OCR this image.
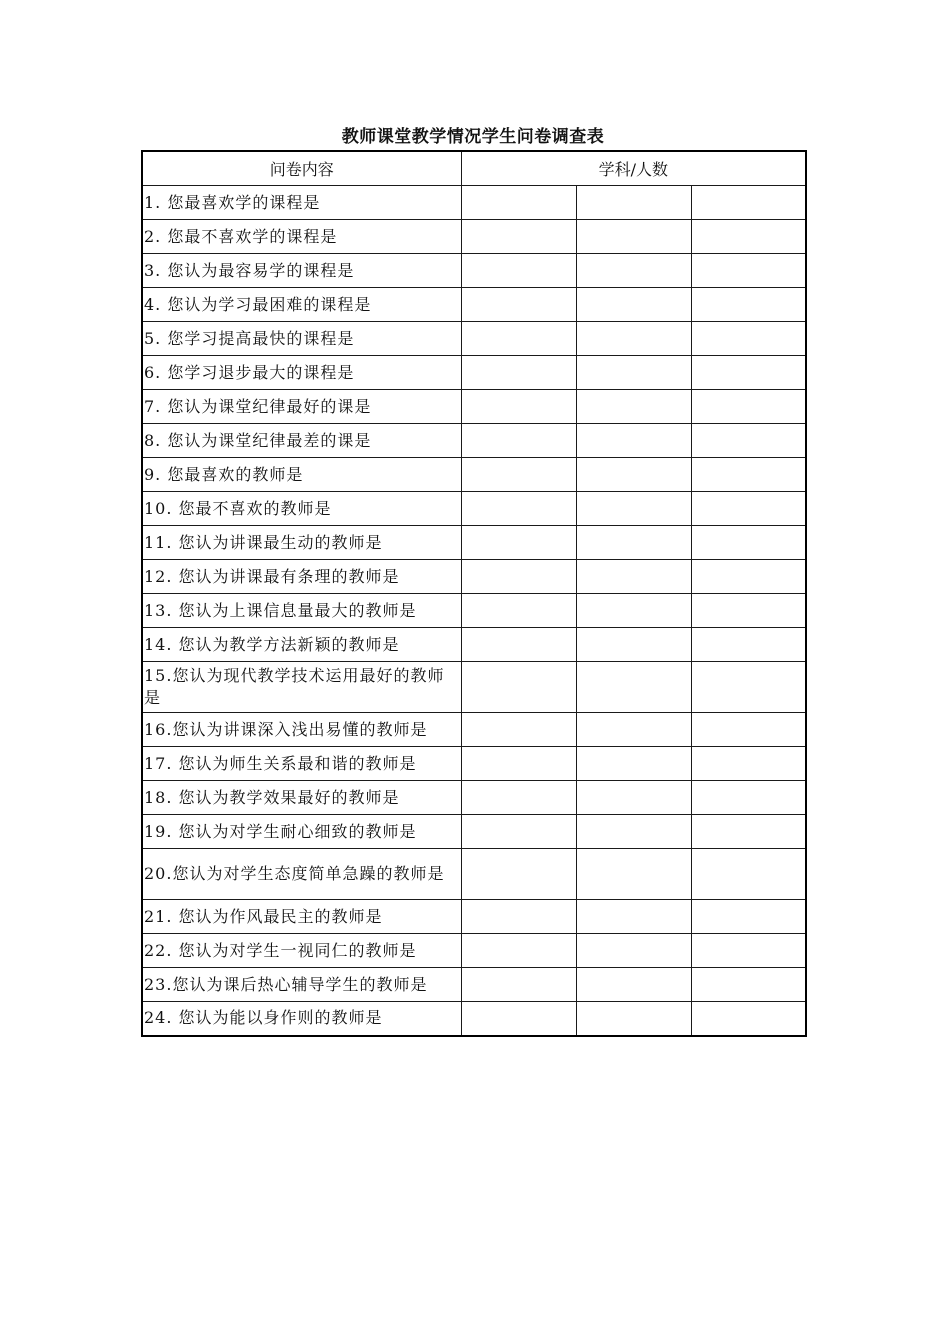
教师课堂教学情况学生问卷调查表
问卷内容	学科/人数		
1. 您最喜欢学的课程是			
2. 您最不喜欢学的课程是			
3. 您认为最容易学的课程是			
4. 您认为学习最困难的课程是			
5. 您学习提高最快的课程是			
6. 您学习退步最大的课程是			
7. 您认为课堂纪律最好的课是			
8. 您认为课堂纪律最差的课是			
9. 您最喜欢的教师是			
10. 您最不喜欢的教师是			
11. 您认为讲课最生动的教师是			
12. 您认为讲课最有条理的教师是			
13. 您认为上课信息量最大的教师是			
14. 您认为教学方法新颖的教师是			
15.您认为现代教学技术运用最好的教师是			
16.您认为讲课深入浅出易懂的教师是			
17. 您认为师生关系最和谐的教师是			
18. 您认为教学效果最好的教师是			
19. 您认为对学生耐心细致的教师是			
20.您认为对学生态度简单急躁的教师是			
21. 您认为作风最民主的教师是			
22. 您认为对学生一视同仁的教师是			
23.您认为课后热心辅导学生的教师是			
24. 您认为能以身作则的教师是			
